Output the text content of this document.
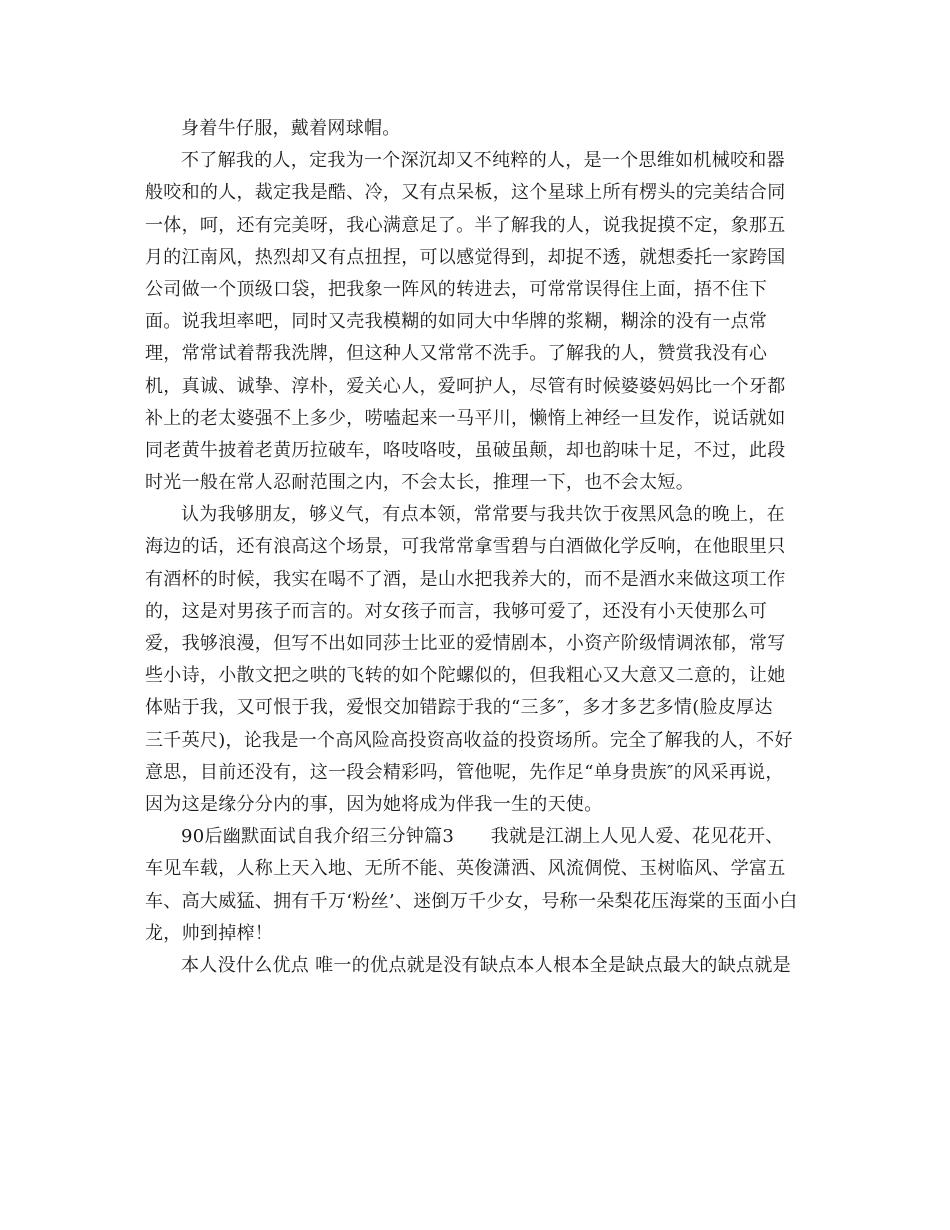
身着牛仔服，戴着网球帽。
不了解我的人，定我为一个深沉却又不纯粹的人，是一个思维如机械咬和器
般咬和的人，裁定我是酷、冷，又有点呆板，这个星球上所有楞头的完美结合同
一体，呵，还有完美呀，我心满意足了。半了解我的人，说我捉摸不定，象那五
月的江南风，热烈却又有点扭捏，可以感觉得到，却捉不透，就想委托一家跨国
公司做一个顶级口袋，把我象一阵风的转进去，可常常误得住上面，捂不住下
面。说我坦率吧，同时又壳我模糊的如同大中华牌的浆糊，糊涂的没有一点常
理，常常试着帮我洗牌，但这种人又常常不洗手。了解我的人，赞赏我没有心
机，真诚、诚挚、淳朴，爱关心人，爱呵护人，尽管有时候婆婆妈妈比一个牙都
补上的老太婆强不上多少，唠嗑起来一马平川，懒惰上神经一旦发作，说话就如
同老黄牛披着老黄历拉破车，咯吱咯吱，虽破虽颠，却也韵味十足，不过，此段
时光一般在常人忍耐范围之内，不会太长，推理一下，也不会太短。
认为我够朋友，够义气，有点本领，常常要与我共饮于夜黑风急的晚上，在
海边的话，还有浪高这个场景，可我常常拿雪碧与白酒做化学反响，在他眼里只
有酒杯的时候，我实在喝不了酒，是山水把我养大的，而不是酒水来做这项工作
的，这是对男孩子而言的。对女孩子而言，我够可爱了，还没有小天使那么可
爱，我够浪漫，但写不出如同莎士比亚的爱情剧本，小资产阶级情调浓郁，常写
些小诗，小散文把之哄的飞转的如个陀螺似的，但我粗心又大意又二意的，让她
体贴于我，又可恨于我，爱恨交加错踪于我的“三多″，多才多艺多情(脸皮厚达
三千英尺)，论我是一个高风险高投资高收益的投资场所。完全了解我的人，不好
意思，目前还没有，这一段会精彩吗，管他呢，先作足“单身贵族″的风采再说，
因为这是缘分分内的事，因为她将成为伴我一生的天使。
90后幽默面试自我介绍三分钟篇3　　我就是江湖上人见人爱、花见花开、
车见车载，人称上天入地、无所不能、英俊潇洒、风流倜傥、玉树临风、学富五
车、高大威猛、拥有千万‘粉丝’、迷倒万千少女，号称一朵梨花压海棠的玉面小白
龙，帅到掉榨！
本人没什么优点 唯一的优点就是没有缺点本人根本全是缺点最大的缺点就是
